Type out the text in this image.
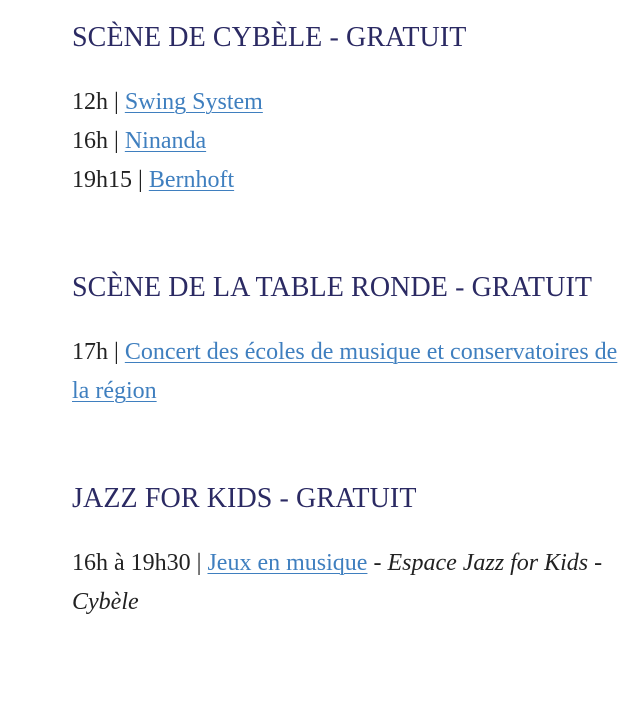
SCÈNE DE CYBÈLE - GRATUIT
12h | Swing System
16h | Ninanda
19h15 | Bernhoft
SCÈNE DE LA TABLE RONDE - GRATUIT
17h | Concert des écoles de musique et conservatoires de la région
JAZZ FOR KIDS - GRATUIT
16h à 19h30 | Jeux en musique - Espace Jazz for Kids - Cybèle
